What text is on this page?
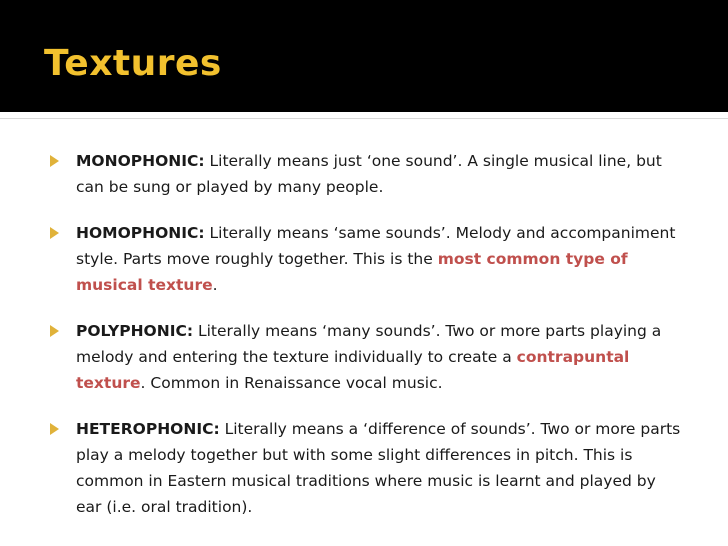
Textures
MONOPHONIC: Literally means just ‘one sound’. A single musical line, but can be sung or played by many people.
HOMOPHONIC: Literally means ‘same sounds’. Melody and accompaniment style. Parts move roughly together. This is the most common type of musical texture.
POLYPHONIC: Literally means ‘many sounds’. Two or more parts playing a melody and entering the texture individually to create a contrapuntal texture. Common in Renaissance vocal music.
HETEROPHONIC: Literally means a ‘difference of sounds’. Two or more parts play a melody together but with some slight differences in pitch. This is common in Eastern musical traditions where music is learnt and played by ear (i.e. oral tradition).
